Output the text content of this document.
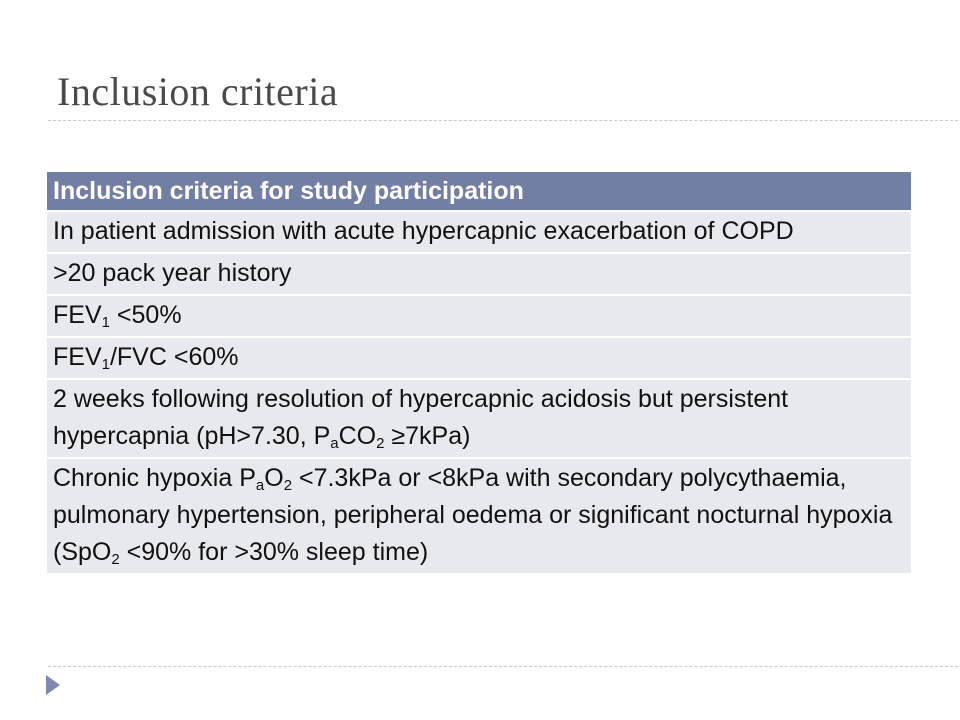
Inclusion criteria
Inclusion criteria for study participation
In patient admission with acute hypercapnic exacerbation of COPD
>20 pack year history
$FEV_1 <50\%$
$FEV_1$/FVC <60%
2 weeks following resolution of hypercapnic acidosis but persistent hypercapnia (pH>7.30, $P_aCO_2 \ge 7kPa$)
Chronic hypoxia $P_aO_2 <7.3kPa$ or <8kPa with secondary polycythaemia, pulmonary hypertension, peripheral oedema or significant nocturnal hypoxia (SpO$_2$ <90% for >30% sleep time)
